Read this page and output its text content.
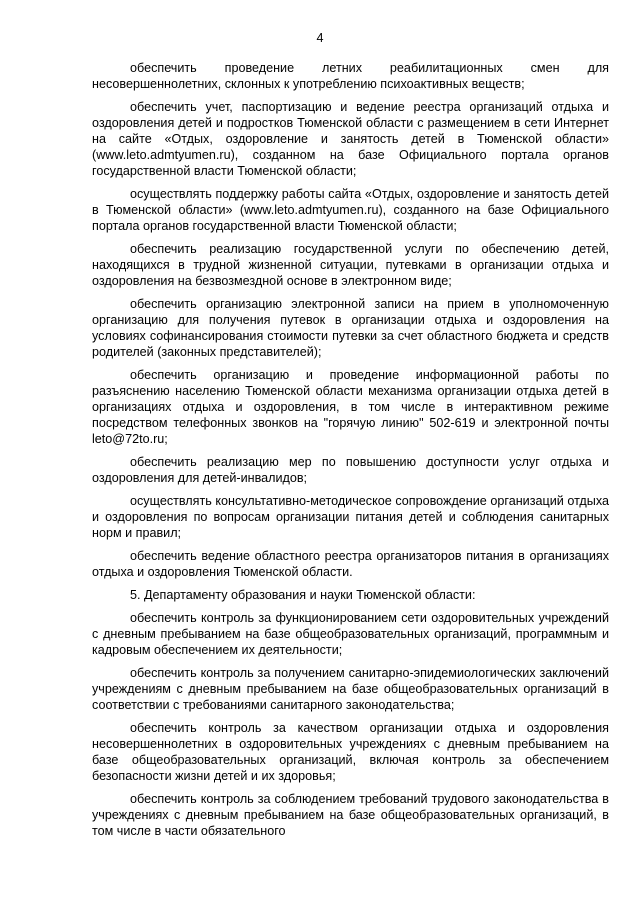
4

обеспечить проведение летних реабилитационных смен для несовершеннолетних, склонных к употреблению психоактивных веществ;

обеспечить учет, паспортизацию и ведение реестра организаций отдыха и оздоровления детей и подростков Тюменской области с размещением в сети Интернет на сайте «Отдых, оздоровление и занятость детей в Тюменской области» (www.leto.admtyumen.ru), созданном на базе Официального портала органов государственной власти Тюменской области;

осуществлять поддержку работы сайта «Отдых, оздоровление и занятость детей в Тюменской области» (www.leto.admtyumen.ru), созданного на базе Официального портала органов государственной власти Тюменской области;

обеспечить реализацию государственной услуги по обеспечению детей, находящихся в трудной жизненной ситуации, путевками в организации отдыха и оздоровления на безвозмездной основе в электронном виде;

обеспечить организацию электронной записи на прием в уполномоченную организацию для получения путевок в организации отдыха и оздоровления на условиях софинансирования стоимости путевки за счет областного бюджета и средств родителей (законных представителей);

обеспечить организацию и проведение информационной работы по разъяснению населению Тюменской области механизма организации отдыха детей в организациях отдыха и оздоровления, в том числе в интерактивном режиме посредством телефонных звонков на "горячую линию" 502-619 и электронной почты leto@72to.ru;

обеспечить реализацию мер по повышению доступности услуг отдыха и оздоровления для детей-инвалидов;

осуществлять консультативно-методическое сопровождение организаций отдыха и оздоровления по вопросам организации питания детей и соблюдения санитарных норм и правил;

обеспечить ведение областного реестра организаторов питания в организациях отдыха и оздоровления Тюменской области.

5. Департаменту образования и науки Тюменской области:

обеспечить контроль за функционированием сети оздоровительных учреждений с дневным пребыванием на базе общеобразовательных организаций, программным и кадровым обеспечением их деятельности;

обеспечить контроль за получением санитарно-эпидемиологических заключений учреждениям с дневным пребыванием на базе общеобразовательных организаций в соответствии с требованиями санитарного законодательства;

обеспечить контроль за качеством организации отдыха и оздоровления несовершеннолетних в оздоровительных учреждениях с дневным пребыванием на базе общеобразовательных организаций, включая контроль за обеспечением безопасности жизни детей и их здоровья;

обеспечить контроль за соблюдением требований трудового законодательства в учреждениях с дневным пребыванием на базе общеобразовательных организаций, в том числе в части обязательного
